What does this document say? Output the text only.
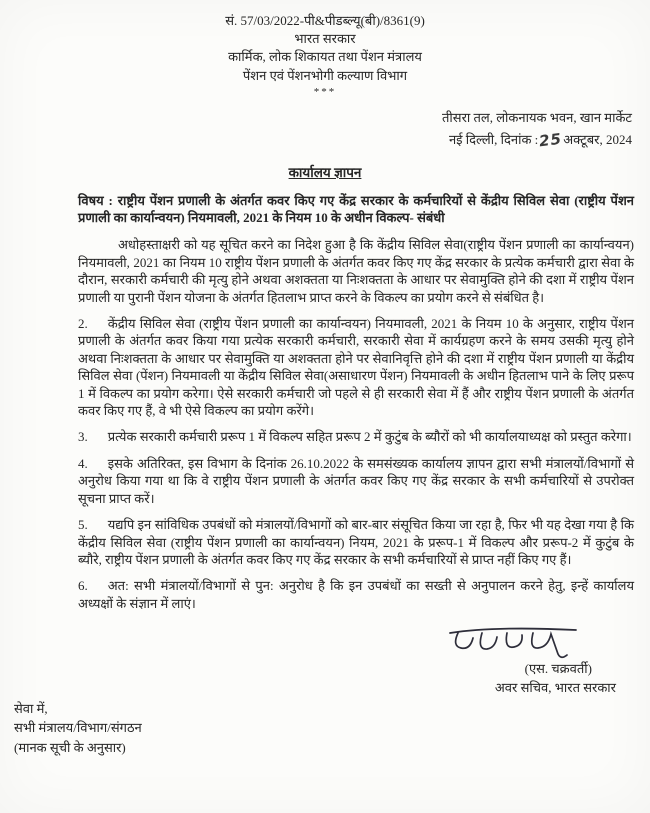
सं. 57/03/2022-पी&पीडब्ल्यू(बी)/8361(9)
भारत सरकार
कार्मिक, लोक शिकायत तथा पेंशन मंत्रालय
पेंशन एवं पेंशनभोगी कल्याण विभाग
***
तीसरा तल, लोकनायक भवन, खान मार्केट
नई दिल्ली, दिनांक :25अक्टूबर, 2024
कार्यालय ज्ञापन

विषय : राष्ट्रीय पेंशन प्रणाली के अंतर्गत कवर किए गए केंद्र सरकार के कर्मचारियों से केंद्रीय सिविल सेवा (राष्ट्रीय पेंशन प्रणाली का कार्यान्वयन) नियमावली, 2021 के नियम 10 के अधीन विकल्प- संबंधी

अधोहस्ताक्षरी को यह सूचित करने का निदेश हुआ है कि केंद्रीय सिविल सेवा(राष्ट्रीय पेंशन प्रणाली का कार्यान्वयन) नियमावली, 2021 का नियम 10 राष्ट्रीय पेंशन प्रणाली के अंतर्गत कवर किए गए केंद्र सरकार के प्रत्येक कर्मचारी द्वारा सेवा के दौरान, सरकारी कर्मचारी की मृत्यु होने अथवा अशक्तता या निःशक्तता के आधार पर सेवामुक्ति होने की दशा में राष्ट्रीय पेंशन प्रणाली या पुरानी पेंशन योजना के अंतर्गत हितलाभ प्राप्त करने के विकल्प का प्रयोग करने से संबंधित है।

2. केंद्रीय सिविल सेवा (राष्ट्रीय पेंशन प्रणाली का कार्यान्वयन) नियमावली, 2021 के नियम 10 के अनुसार, राष्ट्रीय पेंशन प्रणाली के अंतर्गत कवर किया गया प्रत्येक सरकारी कर्मचारी, सरकारी सेवा में कार्यग्रहण करने के समय उसकी मृत्यु होने अथवा निःशक्तता के आधार पर सेवामुक्ति या अशक्तता होने पर सेवानिवृत्ति होने की दशा में राष्ट्रीय पेंशन प्रणाली या केंद्रीय सिविल सेवा (पेंशन) नियमावली या केंद्रीय सिविल सेवा(असाधारण पेंशन) नियमावली के अधीन हितलाभ पाने के लिए प्ररूप 1 में विकल्प का प्रयोग करेगा। ऐसे सरकारी कर्मचारी जो पहले से ही सरकारी सेवा में हैं और राष्ट्रीय पेंशन प्रणाली के अंतर्गत कवर किए गए हैं, वे भी ऐसे विकल्प का प्रयोग करेंगे।

3. प्रत्येक सरकारी कर्मचारी प्ररूप 1 में विकल्प सहित प्ररूप 2 में कुटुंब के ब्यौरों को भी कार्यालयाध्यक्ष को प्रस्तुत करेगा।

4. इसके अतिरिक्त, इस विभाग के दिनांक 26.10.2022 के समसंख्यक कार्यालय ज्ञापन द्वारा सभी मंत्रालयों/विभागों से अनुरोध किया गया था कि वे राष्ट्रीय पेंशन प्रणाली के अंतर्गत कवर किए गए केंद्र सरकार के सभी कर्मचारियों से उपरोक्त सूचना प्राप्त करें।

5. यद्यपि इन सांविधिक उपबंधों को मंत्रालयों/विभागों को बार-बार संसूचित किया जा रहा है, फिर भी यह देखा गया है कि केंद्रीय सिविल सेवा (राष्ट्रीय पेंशन प्रणाली का कार्यान्वयन) नियम, 2021 के प्ररूप-1 में विकल्प और प्ररूप-2 में कुटुंब के ब्यौरे, राष्ट्रीय पेंशन प्रणाली के अंतर्गत कवर किए गए केंद्र सरकार के सभी कर्मचारियों से प्राप्त नहीं किए गए हैं।

6. अत: सभी मंत्रालयों/विभागों से पुन: अनुरोध है कि इन उपबंधों का सख्ती से अनुपालन करने हेतु, इन्हें कार्यालय अध्यक्षों के संज्ञान में लाएं।

(एस. चक्रवर्ती)
अवर सचिव, भारत सरकार
सेवा में,
सभी मंत्रालय/विभाग/संगठन
(मानक सूची के अनुसार)
